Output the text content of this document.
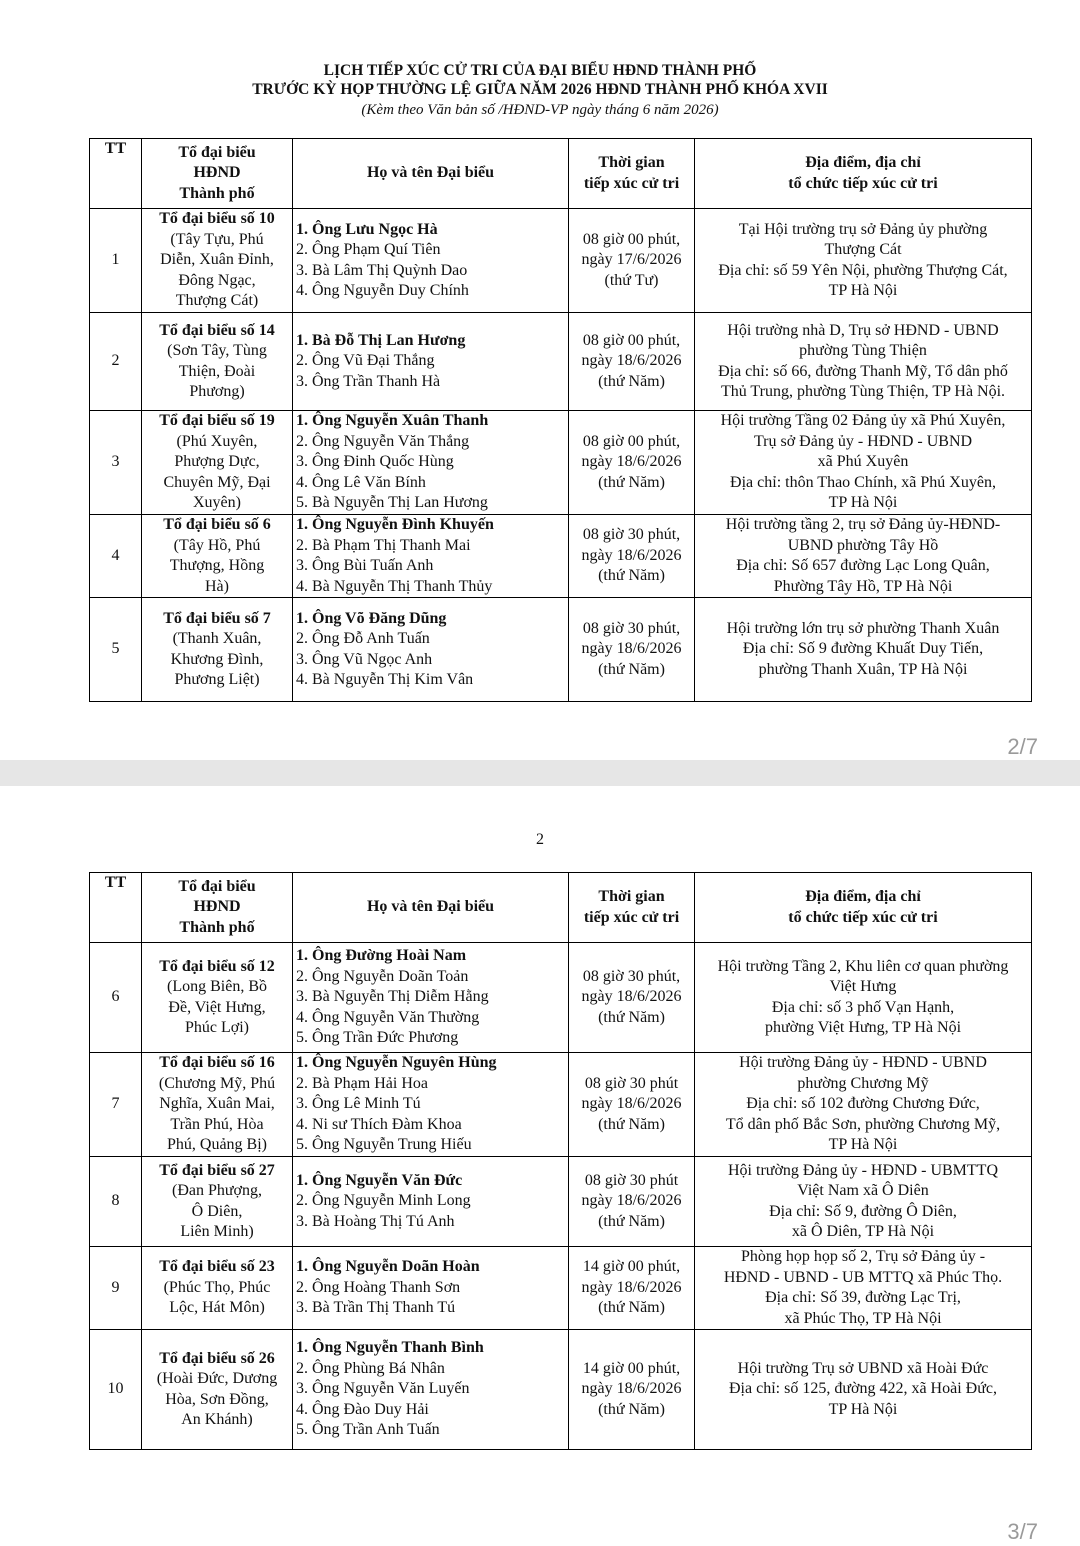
LỊCH TIẾP XÚC CỬ TRI CỦA ĐẠI BIỂU HĐND THÀNH PHỐ
TRƯỚC KỲ HỌP THƯỜNG LỆ GIỮA NĂM 2026 HĐND THÀNH PHỐ KHÓA XVII
(Kèm theo Văn bản số /HĐND-VP ngày tháng 6 năm 2026)
TT	Tổ đại biểu
HĐND
Thành phố	Họ và tên Đại biểu	Thời gian
tiếp xúc cử tri	Địa điểm, địa chỉ
tổ chức tiếp xúc cử tri

1	Tổ đại biểu số 10
(Tây Tựu, Phú
Diễn, Xuân Đỉnh,
Đông Ngạc,
Thượng Cát)	1. Ông Lưu Ngọc Hà
2. Ông Phạm Quí Tiên
3. Bà Lâm Thị Quỳnh Dao
4. Ông Nguyễn Duy Chính	08 giờ 00 phút,
ngày 17/6/2026
(thứ Tư)	Tại Hội trường trụ sở Đảng ủy phường
Thượng Cát
Địa chỉ: số 59 Yên Nội, phường Thượng Cát,
TP Hà Nội

2	Tổ đại biểu số 14
(Sơn Tây, Tùng
Thiện, Đoài
Phương)	1. Bà Đỗ Thị Lan Hương
2. Ông Vũ Đại Thắng
3. Ông Trần Thanh Hà	08 giờ 00 phút,
ngày 18/6/2026
(thứ Năm)	Hội trường nhà D, Trụ sở HĐND - UBND
phường Tùng Thiện
Địa chỉ: số 66, đường Thanh Mỹ, Tổ dân phố
Thủ Trung, phường Tùng Thiện, TP Hà Nội.

3	Tổ đại biểu số 19
(Phú Xuyên,
Phượng Dực,
Chuyên Mỹ, Đại
Xuyên)	1. Ông Nguyễn Xuân Thanh
2. Ông Nguyễn Văn Thắng
3. Ông Đinh Quốc Hùng
4. Ông Lê Văn Bính
5. Bà Nguyễn Thị Lan Hương	08 giờ 00 phút,
ngày 18/6/2026
(thứ Năm)	Hội trường Tầng 02 Đảng ủy xã Phú Xuyên,
Trụ sở Đảng ủy - HĐND - UBND
xã Phú Xuyên
Địa chỉ: thôn Thao Chính, xã Phú Xuyên,
TP Hà Nội

4	Tổ đại biểu số 6
(Tây Hồ, Phú
Thượng, Hồng
Hà)	1. Ông Nguyễn Đình Khuyến
2. Bà Phạm Thị Thanh Mai
3. Ông Bùi Tuấn Anh
4. Bà Nguyễn Thị Thanh Thủy	08 giờ 30 phút,
ngày 18/6/2026
(thứ Năm)	Hội trường tầng 2, trụ sở Đảng ủy-HĐND-
UBND phường Tây Hồ
Địa chỉ: Số 657 đường Lạc Long Quân,
Phường Tây Hồ, TP Hà Nội

5	Tổ đại biểu số 7
(Thanh Xuân,
Khương Đình,
Phương Liệt)	1. Ông Võ Đăng Dũng
2. Ông Đỗ Anh Tuấn
3. Ông Vũ Ngọc Anh
4. Bà Nguyễn Thị Kim Vân	08 giờ 30 phút,
ngày 18/6/2026
(thứ Năm)	Hội trường lớn trụ sở phường Thanh Xuân
Địa chỉ: Số 9 đường Khuất Duy Tiến,
phường Thanh Xuân, TP Hà Nội
2/7
2
TT	Tổ đại biểu
HĐND
Thành phố	Họ và tên Đại biểu	Thời gian
tiếp xúc cử tri	Địa điểm, địa chỉ
tổ chức tiếp xúc cử tri

6	Tổ đại biểu số 12
(Long Biên, Bồ
Đề, Việt Hưng,
Phúc Lợi)	1. Ông Đường Hoài Nam
2. Ông Nguyễn Doãn Toản
3. Bà Nguyễn Thị Diễm Hằng
4. Ông Nguyễn Văn Thường
5. Ông Trần Đức Phương	08 giờ 30 phút,
ngày 18/6/2026
(thứ Năm)	Hội trường Tầng 2, Khu liên cơ quan phường
Việt Hưng
Địa chỉ: số 3 phố Vạn Hạnh,
phường Việt Hưng, TP Hà Nội

7	Tổ đại biểu số 16
(Chương Mỹ, Phú
Nghĩa, Xuân Mai,
Trần Phú, Hòa
Phú, Quảng Bị)	1. Ông Nguyễn Nguyên Hùng
2. Bà Phạm Hải Hoa
3. Ông Lê Minh Tú
4. Ni sư Thích Đàm Khoa
5. Ông Nguyễn Trung Hiếu	08 giờ 30 phút
ngày 18/6/2026
(thứ Năm)	Hội trường Đảng ủy - HĐND - UBND
phường Chương Mỹ
Địa chỉ: số 102 đường Chương Đức,
Tổ dân phố Bắc Sơn, phường Chương Mỹ,
TP Hà Nội

8	Tổ đại biểu số 27
(Đan Phượng,
Ô Diên,
Liên Minh)	1. Ông Nguyễn Văn Đức
2. Ông Nguyễn Minh Long
3. Bà Hoàng Thị Tú Anh	08 giờ 30 phút
ngày 18/6/2026
(thứ Năm)	Hội trường Đảng ủy - HĐND - UBMTTQ
Việt Nam xã Ô Diên
Địa chỉ: Số 9, đường Ô Diên,
xã Ô Diên, TP Hà Nội

9	Tổ đại biểu số 23
(Phúc Thọ, Phúc
Lộc, Hát Môn)	1. Ông Nguyễn Doãn Hoàn
2. Ông Hoàng Thanh Sơn
3. Bà Trần Thị Thanh Tú	14 giờ 00 phút,
ngày 18/6/2026
(thứ Năm)	Phòng họp họp số 2, Trụ sở Đảng ủy -
HĐND - UBND - UB MTTQ xã Phúc Thọ.
Địa chỉ: Số 39, đường Lạc Trị,
xã Phúc Thọ, TP Hà Nội

10	Tổ đại biểu số 26
(Hoài Đức, Dương
Hòa, Sơn Đồng,
An Khánh)	1. Ông Nguyễn Thanh Bình
2. Ông Phùng Bá Nhân
3. Ông Nguyễn Văn Luyến
4. Ông Đào Duy Hải
5. Ông Trần Anh Tuấn	14 giờ 00 phút,
ngày 18/6/2026
(thứ Năm)	Hội trường Trụ sở UBND xã Hoài Đức
Địa chỉ: số 125, đường 422, xã Hoài Đức,
TP Hà Nội
3/7
